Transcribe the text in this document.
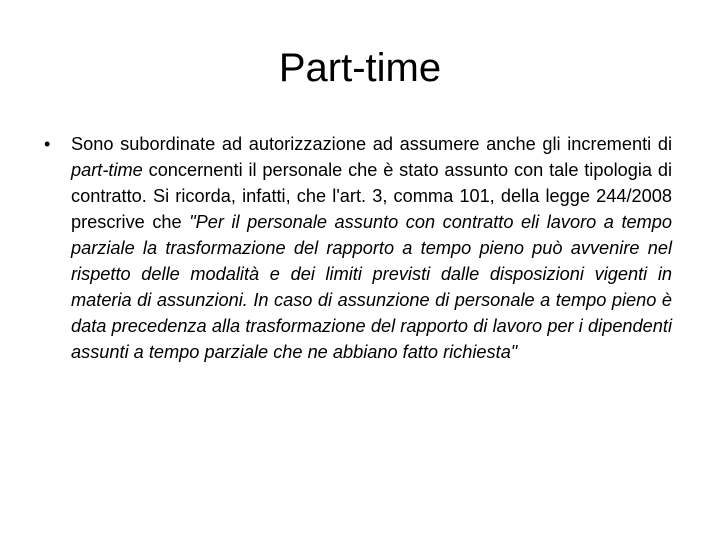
Part-time
• Sono subordinate ad autorizzazione ad assumere anche gli incrementi di part-time concernenti il personale che è stato assunto con tale tipologia di contratto. Si ricorda, infatti, che l'art. 3, comma 101, della legge 244/2008 prescrive che "Per il personale assunto con contratto eli lavoro a tempo parziale la trasformazione del rapporto a tempo pieno può avvenire nel rispetto delle modalità e dei limiti previsti dalle disposizioni vigenti in materia di assunzioni. In caso di assunzione di personale a tempo pieno è data precedenza alla trasformazione del rapporto di lavoro per i dipendenti assunti a tempo parziale che ne abbiano fatto richiesta"
